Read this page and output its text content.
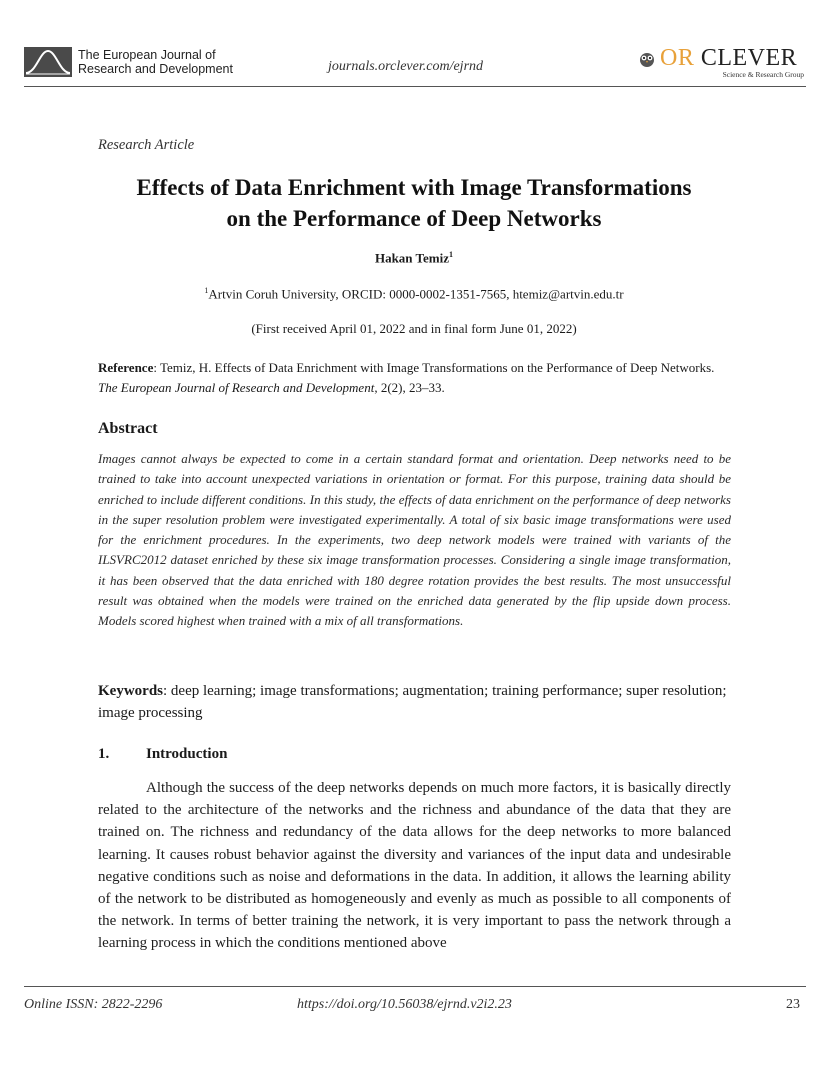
The European Journal of
Research and Development	journals.orclever.com/ejrnd	OR CLEVER
Science & Research Group
Research Article
Effects of Data Enrichment with Image Transformations
on the Performance of Deep Networks
Hakan Temiz$^1$
$^1$Artvin Coruh University, ORCID: 0000-0002-1351-7565, htemiz@artvin.edu.tr
(First received April 01, 2022 and in final form June 01, 2022)
Reference: Temiz, H. Effects of Data Enrichment with Image Transformations on the Performance of Deep Networks. The European Journal of Research and Development, 2(2), 23–33.
Abstract
Images cannot always be expected to come in a certain standard format and orientation. Deep networks need to be trained to take into account unexpected variations in orientation or format. For this purpose, training data should be enriched to include different conditions. In this study, the effects of data enrichment on the performance of deep networks in the super resolution problem were investigated experimentally. A total of six basic image transformations were used for the enrichment procedures. In the experiments, two deep network models were trained with variants of the ILSVRC2012 dataset enriched by these six image transformation processes. Considering a single image transformation, it has been observed that the data enriched with 180 degree rotation provides the best results. The most unsuccessful result was obtained when the models were trained on the enriched data generated by the flip upside down process. Models scored highest when trained with a mix of all transformations.
Keywords: deep learning; image transformations; augmentation; training performance; super resolution; image processing
1. Introduction
Although the success of the deep networks depends on much more factors, it is basically directly related to the architecture of the networks and the richness and abundance of the data that they are trained on. The richness and redundancy of the data allows for the deep networks to more balanced learning. It causes robust behavior against the diversity and variances of the input data and undesirable negative conditions such as noise and deformations in the data. In addition, it allows the learning ability of the network to be distributed as homogeneously and evenly as much as possible to all components of the network. In terms of better training the network, it is very important to pass the network through a learning process in which the conditions mentioned above
Online ISSN: 2822-2296	https://doi.org/10.56038/ejrnd.v2i2.23	23
